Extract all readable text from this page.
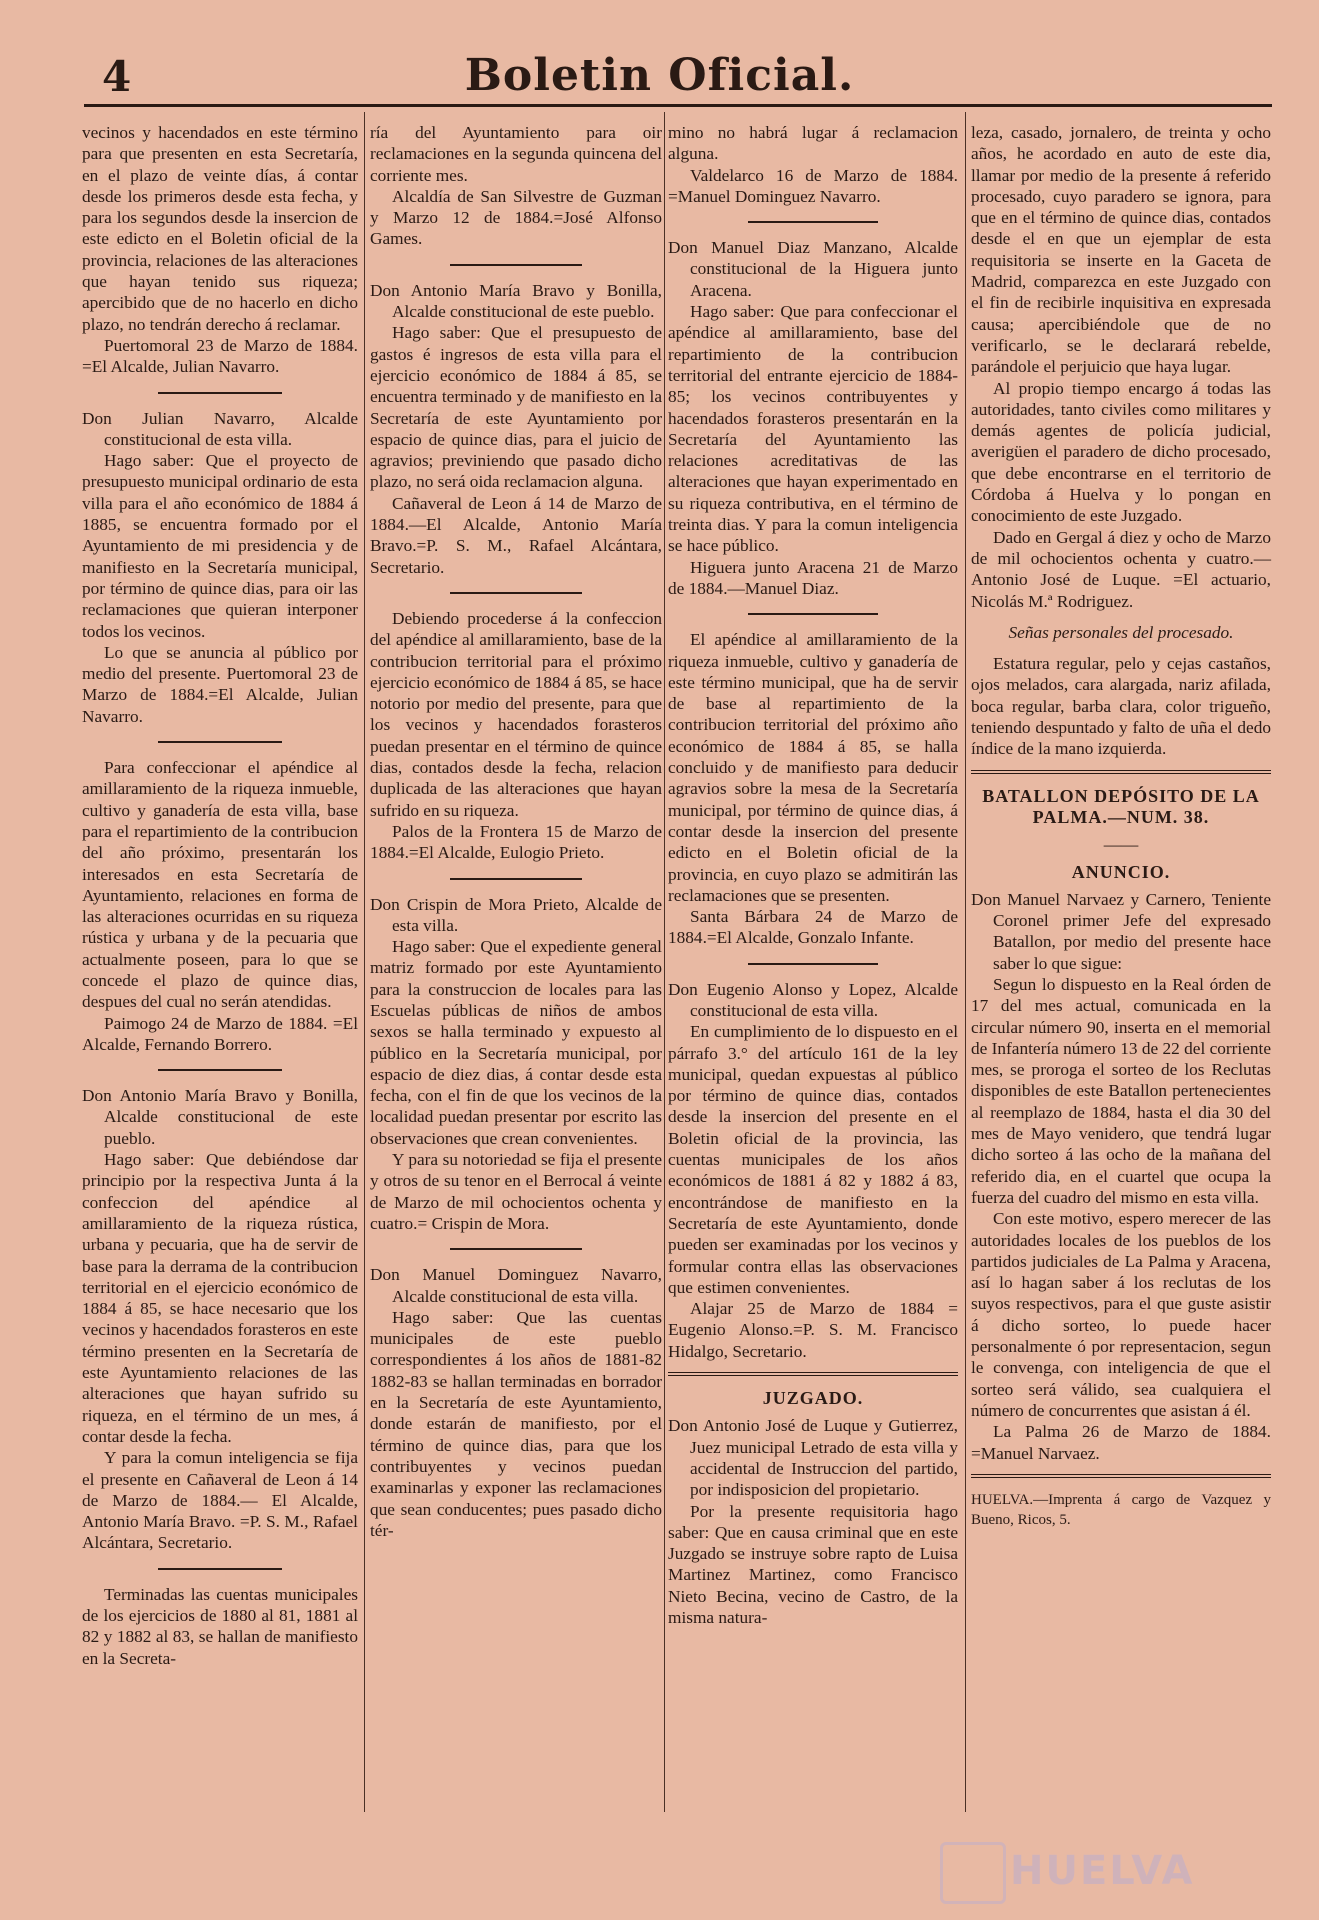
4	Boletin Oficial.

vecinos y hacendados en este término para que presenten en esta Secretaría, en el plazo de veinte días, á contar desde los primeros desde esta fecha, y para los segundos desde la insercion de este edicto en el Boletin oficial de la provincia, relaciones de las alteraciones que hayan tenido sus riqueza; apercibido que de no hacerlo en dicho plazo, no tendrán derecho á reclamar.

Puertomoral 23 de Marzo de 1884. =El Alcalde, Julian Navarro.

Don Julian Navarro, Alcalde constitucional de esta villa.

Hago saber: Que el proyecto de presupuesto municipal ordinario de esta villa para el año económico de 1884 á 1885, se encuentra formado por el Ayuntamiento de mi presidencia y de manifiesto en la Secretaría municipal, por término de quince dias, para oir las reclamaciones que quieran interponer todos los vecinos.

Lo que se anuncia al público por medio del presente. Puertomoral 23 de Marzo de 1884.=El Alcalde, Julian Navarro.

Para confeccionar el apéndice al amillaramiento de la riqueza inmueble, cultivo y ganadería de esta villa, base para el repartimiento de la contribucion del año próximo, presentarán los interesados en esta Secretaría de Ayuntamiento, relaciones en forma de las alteraciones ocurridas en su riqueza rústica y urbana y de la pecuaria que actualmente poseen, para lo que se concede el plazo de quince dias, despues del cual no serán atendidas.

Paimogo 24 de Marzo de 1884. =El Alcalde, Fernando Borrero.

Don Antonio María Bravo y Bonilla, Alcalde constitucional de este pueblo.

Hago saber: Que debiéndose dar principio por la respectiva Junta á la confeccion del apéndice al amillaramiento de la riqueza rústica, urbana y pecuaria, que ha de servir de base para la derrama de la contribucion territorial en el ejercicio económico de 1884 á 85, se hace necesario que los vecinos y hacendados forasteros en este término presenten en la Secretaría de este Ayuntamiento relaciones de las alteraciones que hayan sufrido su riqueza, en el término de un mes, á contar desde la fecha.

Y para la comun inteligencia se fija el presente en Cañaveral de Leon á 14 de Marzo de 1884.— El Alcalde, Antonio María Bravo. =P. S. M., Rafael Alcántara, Secretario.

Terminadas las cuentas municipales de los ejercicios de 1880 al 81, 1881 al 82 y 1882 al 83, se hallan de manifiesto en la Secreta-

ría del Ayuntamiento para oir reclamaciones en la segunda quincena del corriente mes.

Alcaldía de San Silvestre de Guzman y Marzo 12 de 1884.=José Alfonso Games.

Don Antonio María Bravo y Bonilla, Alcalde constitucional de este pueblo.

Hago saber: Que el presupuesto de gastos é ingresos de esta villa para el ejercicio económico de 1884 á 85, se encuentra terminado y de manifiesto en la Secretaría de este Ayuntamiento por espacio de quince dias, para el juicio de agravios; previniendo que pasado dicho plazo, no será oida reclamacion alguna.

Cañaveral de Leon á 14 de Marzo de 1884.—El Alcalde, Antonio María Bravo.=P. S. M., Rafael Alcántara, Secretario.

Debiendo procederse á la confeccion del apéndice al amillaramiento, base de la contribucion territorial para el próximo ejercicio económico de 1884 á 85, se hace notorio por medio del presente, para que los vecinos y hacendados forasteros puedan presentar en el término de quince dias, contados desde la fecha, relacion duplicada de las alteraciones que hayan sufrido en su riqueza.

Palos de la Frontera 15 de Marzo de 1884.=El Alcalde, Eulogio Prieto.

Don Crispin de Mora Prieto, Alcalde de esta villa.

Hago saber: Que el expediente general matriz formado por este Ayuntamiento para la construccion de locales para las Escuelas públicas de niños de ambos sexos se halla terminado y expuesto al público en la Secretaría municipal, por espacio de diez dias, á contar desde esta fecha, con el fin de que los vecinos de la localidad puedan presentar por escrito las observaciones que crean convenientes.

Y para su notoriedad se fija el presente y otros de su tenor en el Berrocal á veinte de Marzo de mil ochocientos ochenta y cuatro.= Crispin de Mora.

Don Manuel Dominguez Navarro, Alcalde constitucional de esta villa.

Hago saber: Que las cuentas municipales de este pueblo correspondientes á los años de 1881-82 1882-83 se hallan terminadas en borrador en la Secretaría de este Ayuntamiento, donde estarán de manifiesto, por el término de quince dias, para que los contribuyentes y vecinos puedan examinarlas y exponer las reclamaciones que sean conducentes; pues pasado dicho tér-

mino no habrá lugar á reclamacion alguna.

Valdelarco 16 de Marzo de 1884. =Manuel Dominguez Navarro.

Don Manuel Diaz Manzano, Alcalde constitucional de la Higuera junto Aracena.

Hago saber: Que para confeccionar el apéndice al amillaramiento, base del repartimiento de la contribucion territorial del entrante ejercicio de 1884-85; los vecinos contribuyentes y hacendados forasteros presentarán en la Secretaría del Ayuntamiento las relaciones acreditativas de las alteraciones que hayan experimentado en su riqueza contributiva, en el término de treinta dias. Y para la comun inteligencia se hace público.

Higuera junto Aracena 21 de Marzo de 1884.—Manuel Diaz.

El apéndice al amillaramiento de la riqueza inmueble, cultivo y ganadería de este término municipal, que ha de servir de base al repartimiento de la contribucion territorial del próximo año económico de 1884 á 85, se halla concluido y de manifiesto para deducir agravios sobre la mesa de la Secretaría municipal, por término de quince dias, á contar desde la insercion del presente edicto en el Boletin oficial de la provincia, en cuyo plazo se admitirán las reclamaciones que se presenten.

Santa Bárbara 24 de Marzo de 1884.=El Alcalde, Gonzalo Infante.

Don Eugenio Alonso y Lopez, Alcalde constitucional de esta villa.

En cumplimiento de lo dispuesto en el párrafo 3.° del artículo 161 de la ley municipal, quedan expuestas al público por término de quince dias, contados desde la insercion del presente en el Boletin oficial de la provincia, las cuentas municipales de los años económicos de 1881 á 82 y 1882 á 83, encontrándose de manifiesto en la Secretaría de este Ayuntamiento, donde pueden ser examinadas por los vecinos y formular contra ellas las observaciones que estimen convenientes.

Alajar 25 de Marzo de 1884 = Eugenio Alonso.=P. S. M. Francisco Hidalgo, Secretario.

JUZGADO.

Don Antonio José de Luque y Gutierrez, Juez municipal Letrado de esta villa y accidental de Instruccion del partido, por indisposicion del propietario.

Por la presente requisitoria hago saber: Que en causa criminal que en este Juzgado se instruye sobre rapto de Luisa Martinez Martinez, como Francisco Nieto Becina, vecino de Castro, de la misma natura-

leza, casado, jornalero, de treinta y ocho años, he acordado en auto de este dia, llamar por medio de la presente á referido procesado, cuyo paradero se ignora, para que en el término de quince dias, contados desde el en que un ejemplar de esta requisitoria se inserte en la Gaceta de Madrid, comparezca en este Juzgado con el fin de recibirle inquisitiva en expresada causa; apercibiéndole que de no verificarlo, se le declarará rebelde, parándole el perjuicio que haya lugar.

Al propio tiempo encargo á todas las autoridades, tanto civiles como militares y demás agentes de policía judicial, averigüen el paradero de dicho procesado, que debe encontrarse en el territorio de Córdoba á Huelva y lo pongan en conocimiento de este Juzgado.

Dado en Gergal á diez y ocho de Marzo de mil ochocientos ochenta y cuatro.—Antonio José de Luque. =El actuario, Nicolás M.ª Rodriguez.

Señas personales del procesado.

Estatura regular, pelo y cejas castaños, ojos melados, cara alargada, nariz afilada, boca regular, barba clara, color trigueño, teniendo despuntado y falto de uña el dedo índice de la mano izquierda.

BATALLON DEPÓSITO DE LA PALMA.—NUM. 38.

——

ANUNCIO.

Don Manuel Narvaez y Carnero, Teniente Coronel primer Jefe del expresado Batallon, por medio del presente hace saber lo que sigue:

Segun lo dispuesto en la Real órden de 17 del mes actual, comunicada en la circular número 90, inserta en el memorial de Infantería número 13 de 22 del corriente mes, se proroga el sorteo de los Reclutas disponibles de este Batallon pertenecientes al reemplazo de 1884, hasta el dia 30 del mes de Mayo venidero, que tendrá lugar dicho sorteo á las ocho de la mañana del referido dia, en el cuartel que ocupa la fuerza del cuadro del mismo en esta villa.

Con este motivo, espero merecer de las autoridades locales de los pueblos de los partidos judiciales de La Palma y Aracena, así lo hagan saber á los reclutas de los suyos respectivos, para el que guste asistir á dicho sorteo, lo puede hacer personalmente ó por representacion, segun le convenga, con inteligencia de que el sorteo será válido, sea cualquiera el número de concurrentes que asistan á él.

La Palma 26 de Marzo de 1884. =Manuel Narvaez.

HUELVA.—Imprenta á cargo de Vazquez y Bueno, Ricos, 5.

HUELVA
